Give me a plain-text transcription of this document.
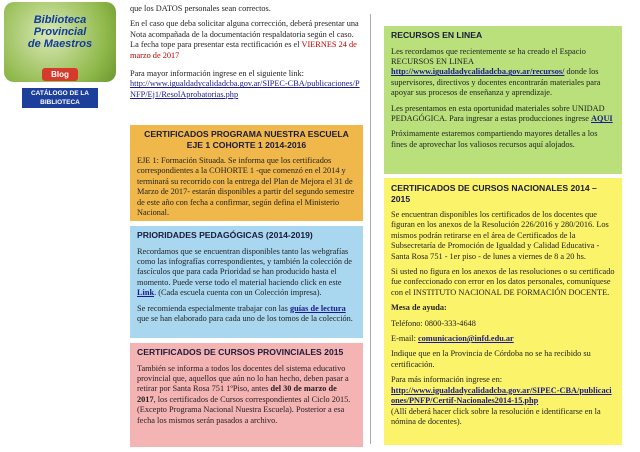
Biblioteca
Provincial
de Maestros
Blog
CATÁLOGO DE LA BIBLIOTECA

que los DATOS personales sean correctos.

En el caso que deba solicitar alguna corrección, deberá presentar una Nota acompañada de la documentación respaldatoria según el caso. La fecha tope para presentar esta rectificación es el VIERNES 24 de marzo de 2017

Para mayor información ingrese en el siguiente link:

http://www.igualdadycalidadcba.gov.ar/SIPEC-CBA/publicaciones/PNFP/Ej1/ResolAprobatorias.php

CERTIFICADOS PROGRAMA NUESTRA ESCUELA EJE 1 COHORTE 1 2014-2016

EJE 1: Formación Situada. Se informa que los certificados correspondientes a la COHORTE 1 -que comenzó en el 2014 y terminará su recorrido con la entrega del Plan de Mejora el 31 de Marzo de 2017- estarán disponibles a partir del segundo semestre de este año con fecha a confirmar, según defina el Ministerio Nacional.

PRIORIDADES PEDAGÓGICAS (2014-2019)

Recordamos que se encuentran disponibles tanto las webgrafías como las infografías correspondientes, y también la colección de fascículos que para cada Prioridad se han producido hasta el momento. Puede verse todo el material haciendo click en este Link. (Cada escuela cuenta con un Colección impresa).

Se recomienda especialmente trabajar con las guías de lectura que se han elaborado para cada uno de los tomos de la colección.

CERTIFICADOS DE CURSOS PROVINCIALES 2015

También se informa a todos los docentes del sistema educativo provincial que, aquellos que aún no lo han hecho, deben pasar a retirar por Santa Rosa 751 1ºPiso, antes del 30 de marzo de 2017, los certificados de Cursos correspondientes al Ciclo 2015. (Excepto Programa Nacional Nuestra Escuela). Posterior a esa fecha los mismos serán pasados a archivo.

RECURSOS EN LINEA

Les recordamos que recientemente se ha creado el Espacio RECURSOS EN LINEA http://www.igualdadycalidadcba.gov.ar/recursos/ donde los supervisores, directivos y docentes encontrarán materiales para apoyar sus procesos de enseñanza y aprendizaje.

Les presentamos en esta oportunidad materiales sobre UNIDAD PEDAGÓGICA. Para ingresar a estas producciones ingrese AQUI

Próximamente estaremos compartiendo mayores detalles a los fines de aprovechar los valiosos recursos aquí alojados.

CERTIFICADOS DE CURSOS NACIONALES 2014 – 2015

Se encuentran disponibles los certificados de los docentes que figuran en los anexos de la Resolución 226/2016 y 280/2016. Los mismos podrán retirarse en el área de Certificados de la Subsecretaría de Promoción de Igualdad y Calidad Educativa - Santa Rosa 751 - 1er piso - de lunes a viernes de 8 a 20 hs.

Si usted no figura en los anexos de las resoluciones o su certificado fue confeccionado con error en los datos personales, comuníquese con el INSTITUTO NACIONAL DE FORMACIÓN DOCENTE.

Mesa de ayuda:

Teléfono: 0800-333-4648

E-mail: comunicacion@infd.edu.ar

Indique que en la Provincia de Córdoba no se ha recibido su certificación.

Para más información ingrese en:

http://www.igualdadycalidadcba.gov.ar/SIPEC-CBA/publicaciones/PNFP/Certif-Nacionales2014-15.php

(Allí deberá hacer click sobre la resolución e identificarse en la nómina de docentes).
